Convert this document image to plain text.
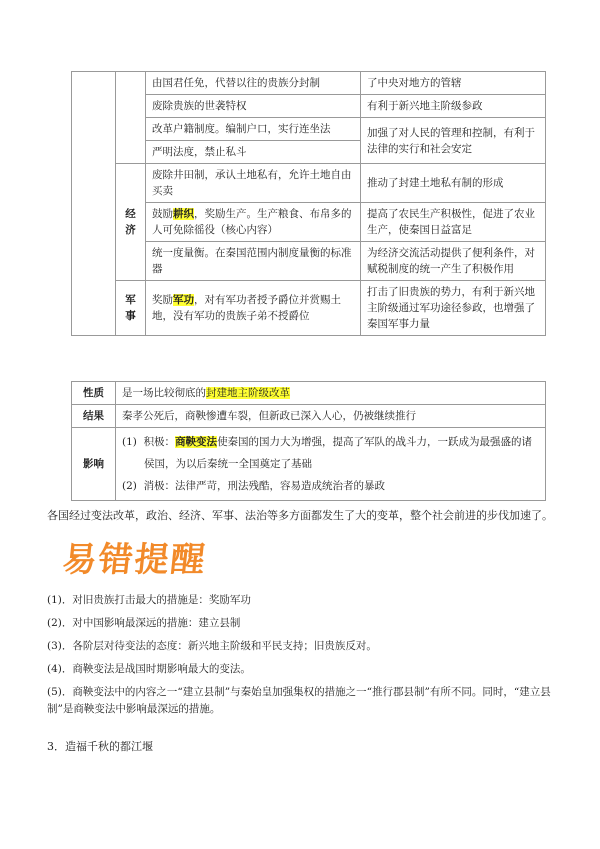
		由国君任免，代替以往的贵族分封制	了中央对地方的管辖
		废除贵族的世袭特权	有利于新兴地主阶级参政
		改革户籍制度。编制户口，实行连坐法	加强了对人民的管理和控制，有利于法律的实行和社会安定
		严明法度，禁止私斗	
	经济	废除井田制，承认土地私有，允许土地自由买卖	推动了封建土地私有制的形成
		鼓励耕织，奖励生产。生产粮食、布帛多的人可免除徭役（核心内容）	提高了农民生产积极性，促进了农业生产，使秦国日益富足
		统一度量衡。在秦国范围内制度量衡的标准器	为经济交流活动提供了便利条件，对赋税制度的统一产生了积极作用
	军事	奖励军功，对有军功者授予爵位并赏赐土地，没有军功的贵族子弟不授爵位	打击了旧贵族的势力，有利于新兴地主阶级通过军功途径参政，也增强了秦国军事力量
性质	是一场比较彻底的封建地主阶级改革
结果	秦孝公死后，商鞅惨遭车裂，但新政已深入人心，仍被继续推行
影响	(1) 积极：商鞅变法使秦国的国力大为增强，提高了军队的战斗力，一跃成为最强盛的诸侯国，为以后秦统一全国奠定了基础
(2) 消极：法律严苛，刑法残酷，容易造成统治者的暴政
各国经过变法改革，政治、经济、军事、法治等多方面都发生了大的变革，整个社会前进的步伐加速了。
易错提醒

(1)．对旧贵族打击最大的措施是：奖励军功

(2)．对中国影响最深远的措施：建立县制

(3)．各阶层对待变法的态度：新兴地主阶级和平民支持；旧贵族反对。

(4)．商鞅变法是战国时期影响最大的变法。

(5)．商鞅变法中的内容之一“建立县制”与秦始皇加强集权的措施之一“推行郡县制”有所不同。同时，“建立县制”是商鞅变法中影响最深远的措施。

3．造福千秋的都江堰
